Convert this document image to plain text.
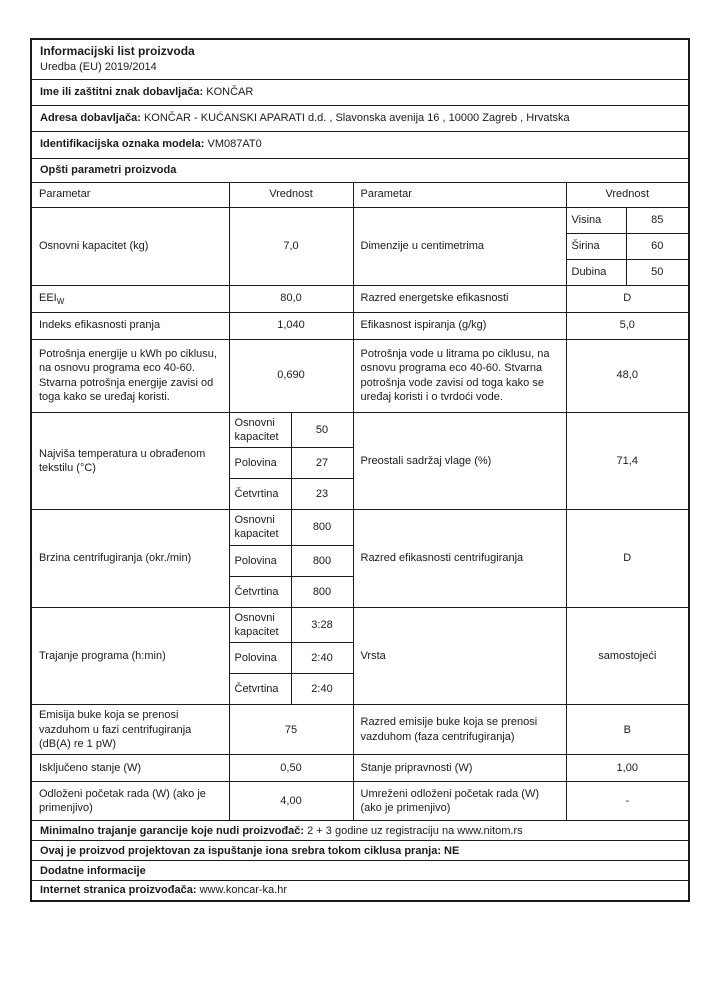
Informacijski list proizvoda
Uredba (EU) 2019/2014					

Ime ili zaštitni znak dobavljača: KONČAR					
Adresa dobavljača: KONČAR - KUĆANSKI APARATI d.d. , Slavonska avenija 16 , 10000 Zagreb , Hrvatska					
Identifikacijska oznaka modela: VM087AT0					
Opšti parametri proizvoda					
Parametar	Vrednost		Parametar	Vrednost	
Osnovni kapacitet (kg)	7,0		Dimenzije u centimetrima	Visina	85
				Širina	60
				Dubina	50
$EEI_W$	80,0		Razred energetske efikasnosti	D	
Indeks efikasnosti pranja	1,040		Efikasnost ispiranja (g/kg)	5,0	
Potrošnja energije u kWh po ciklusu, na osnovu programa eco 40-60. Stvarna potrošnja energije zavisi od toga kako se uređaj koristi.	0,690		Potrošnja vode u litrama po ciklusu, na osnovu programa eco 40-60. Stvarna potrošnja vode zavisi od toga kako se uređaj koristi i o tvrdoći vode.	48,0	
Najviša temperatura u obrađenom tekstilu (°C)	Osnovni kapacitet	50	Preostali sadržaj vlage (%)	71,4	
	Polovina	27			
	Četvrtina	23			
Brzina centrifugiranja (okr./min)	Osnovni kapacitet	800	Razred efikasnosti centrifugiranja	D	
	Polovina	800			
	Četvrtina	800			
Trajanje programa (h:min)	Osnovni kapacitet	3:28	Vrsta	samostojeći	
	Polovina	2:40			
	Četvrtina	2:40			
Emisija buke koja se prenosi vazduhom u fazi centrifugiranja (dB(A) re 1 pW)	75		Razred emisije buke koja se prenosi vazduhom (faza centrifugiranja)	B	
Isključeno stanje (W)	0,50		Stanje pripravnosti (W)	1,00	
Odloženi početak rada (W) (ako je primenjivo)	4,00		Umreženi odloženi početak rada (W) (ako je primenjivo)	-	
Minimalno trajanje garancije koje nudi proizvođač: 2 + 3 godine uz registraciju na www.nitom.rs					
Ovaj je proizvod projektovan za ispuštanje iona srebra tokom ciklusa pranja: NE					
Dodatne informacije					
Internet stranica proizvođača: www.koncar-ka.hr					
